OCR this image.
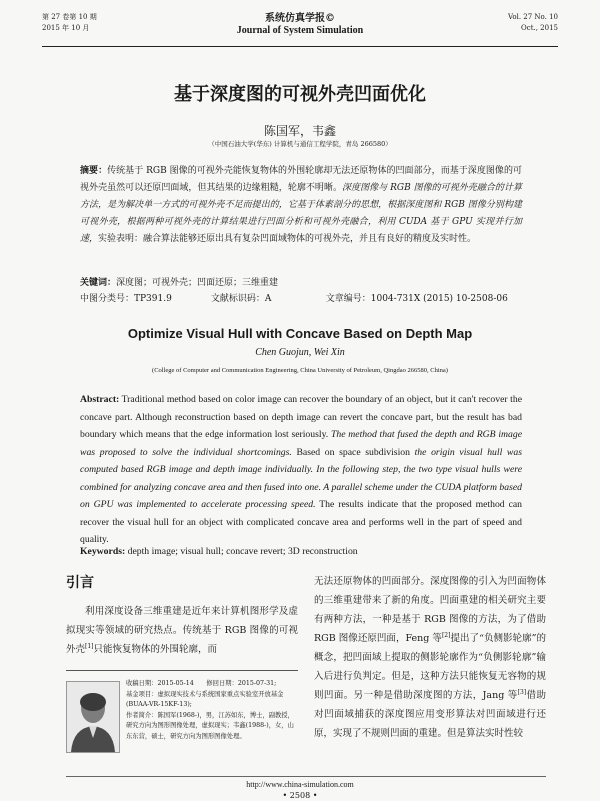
第 27 卷第 10 期
2015 年 10 月
系统仿真学报©
Journal of System Simulation
Vol. 27 No. 10
Oct., 2015
基于深度图的可视外壳凹面优化
陈国军，韦鑫
（中国石油大学(华东) 计算机与通信工程学院，青岛 266580）
摘要：传统基于 RGB 图像的可视外壳能恢复物体的外围轮廓却无法还原物体的凹面部分，而基于深度图像的可视外壳虽然可以还原凹面域，但其结果的边缘粗糙，轮廓不明晰。深度图像与 RGB 图像的可视外壳融合的计算方法，是为解决单一方式的可视外壳不足而提出的，它基于体素剖分的思想，根据深度图和 RGB 图像分别构建可视外壳，根据两种可视外壳的计算结果进行凹面分析和可视外壳融合，利用 CUDA 基于 GPU 实现并行加速，实验表明：融合算法能够还原出具有复杂凹面域物体的可视外壳，并且有良好的精度及实时性。
关键词：深度图；可视外壳；凹面还原；三维重建
中图分类号：TP391.9	文献标识码：A	文章编号：1004-731X (2015) 10-2508-06
Optimize Visual Hull with Concave Based on Depth Map
Chen Guojun, Wei Xin
(College of Computer and Communication Engineering, China University of Petroleum, Qingdao 266580, China)
Abstract: Traditional method based on color image can recover the boundary of an object, but it can't recover the concave part. Although reconstruction based on depth image can revert the concave part, but the result has bad boundary which means that the edge information lost seriously. The method that fused the depth and RGB image was proposed to solve the individual shortcomings. Based on space subdivision the origin visual hull was computed based RGB image and depth image individually. In the following step, the two type visual hulls were combined for analyzing concave area and then fused into one. A parallel scheme under the CUDA platform based on GPU was implemented to accelerate processing speed. The results indicate that the proposed method can recover the visual hull for an object with complicated concave area and performs well in the part of speed and quality.
Keywords: depth image; visual hull; concave revert; 3D reconstruction
引言
利用深度设备三维重建是近年来计算机图形学及虚拟现实等领域的研究热点。传统基于 RGB 图像的可视外壳[1]只能恢复物体的外围轮廓，而
无法还原物体的凹面部分。深度图像的引入为凹面物体的三维重建带来了新的角度。凹面重建的相关研究主要有两种方法，一种是基于 RGB 图像的方法，为了借助 RGB 图像还原凹面，Feng 等[2]提出了“负侧影轮廓”的概念，把凹面域上提取的侧影轮廓作为“负侧影轮廓”输入后进行负判定。但是，这种方法只能恢复无容物的规则凹面。另一种是借助深度图的方法，Jang 等[3]借助对凹面域捕获的深度图应用变形算法对凹面域进行还原，实现了不规则凹面的重建。但是算法实时性较
收稿日期：2015-05-14　　修回日期：2015-07-31;
基金项目：虚拟现实技术与系统国家重点实验室开放基金(BUAA-VR-15KF-13);
作者简介：陈国军(1968-)，男，江苏如东，博士，副教授，研究方向为图形图像处理，虚拟现实；韦鑫(1988-)，女，山东东营，硕士，研究方向为图形图像处理。
http://www.china-simulation.com
• 2508 •
